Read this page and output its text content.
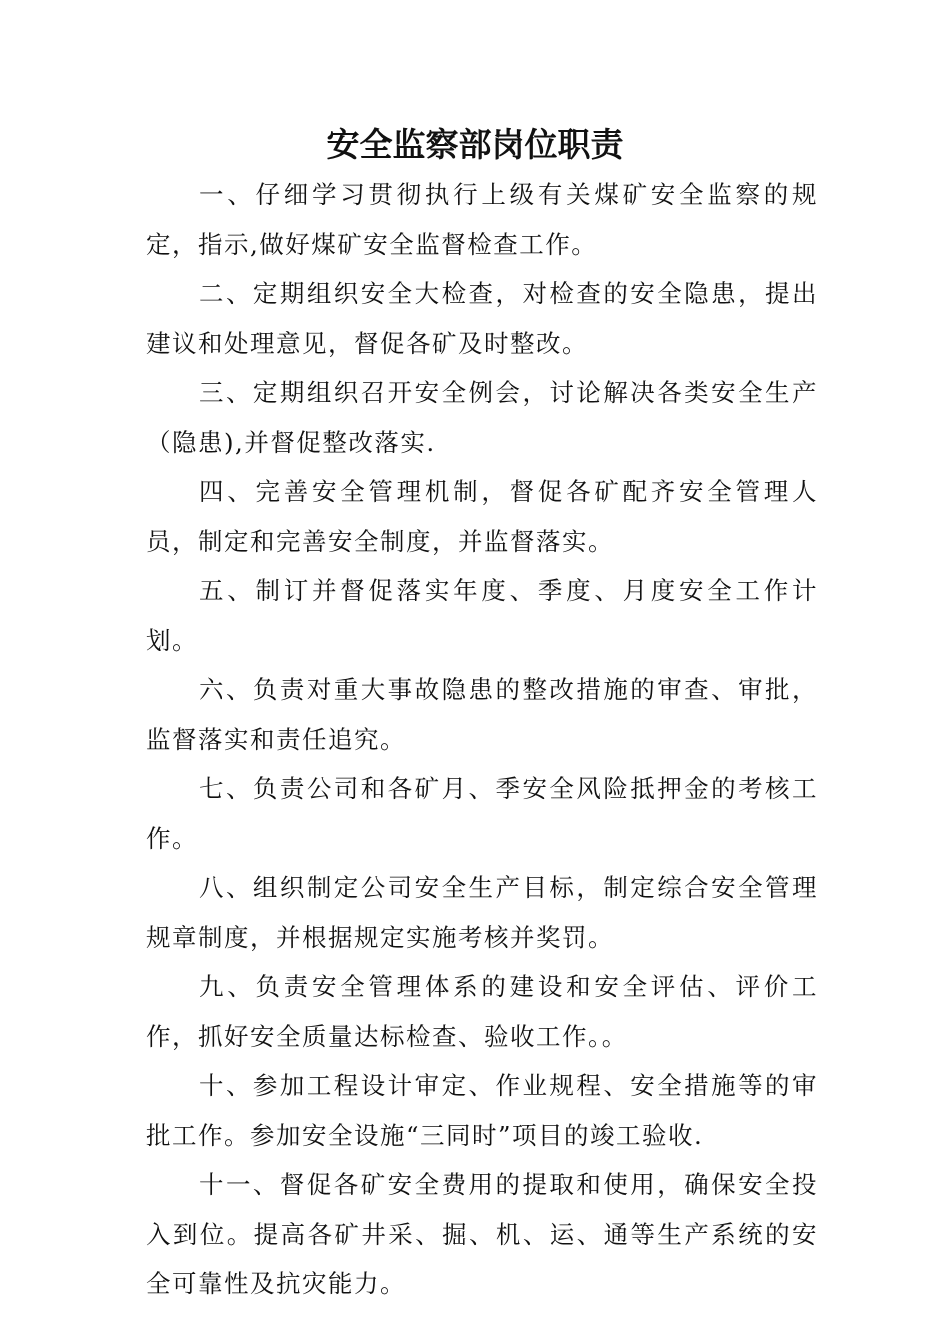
安全监察部岗位职责

一、仔细学习贯彻执行上级有关煤矿安全监察的规定，指示,做好煤矿安全监督检查工作。

二、定期组织安全大检查，对检查的安全隐患，提出建议和处理意见，督促各矿及时整改。

三、定期组织召开安全例会，讨论解决各类安全生产（隐患),并督促整改落实.

四、完善安全管理机制，督促各矿配齐安全管理人员，制定和完善安全制度，并监督落实。

五、制订并督促落实年度、季度、月度安全工作计划。

六、负责对重大事故隐患的整改措施的审查、审批，监督落实和责任追究。

七、负责公司和各矿月、季安全风险抵押金的考核工作。

八、组织制定公司安全生产目标，制定综合安全管理规章制度，并根据规定实施考核并奖罚。

九、负责安全管理体系的建设和安全评估、评价工作，抓好安全质量达标检查、验收工作。。

十、参加工程设计审定、作业规程、安全措施等的审批工作。参加安全设施“三同时”项目的竣工验收.

十一、督促各矿安全费用的提取和使用，确保安全投入到位。提高各矿井采、掘、机、运、通等生产系统的安全可靠性及抗灾能力。
